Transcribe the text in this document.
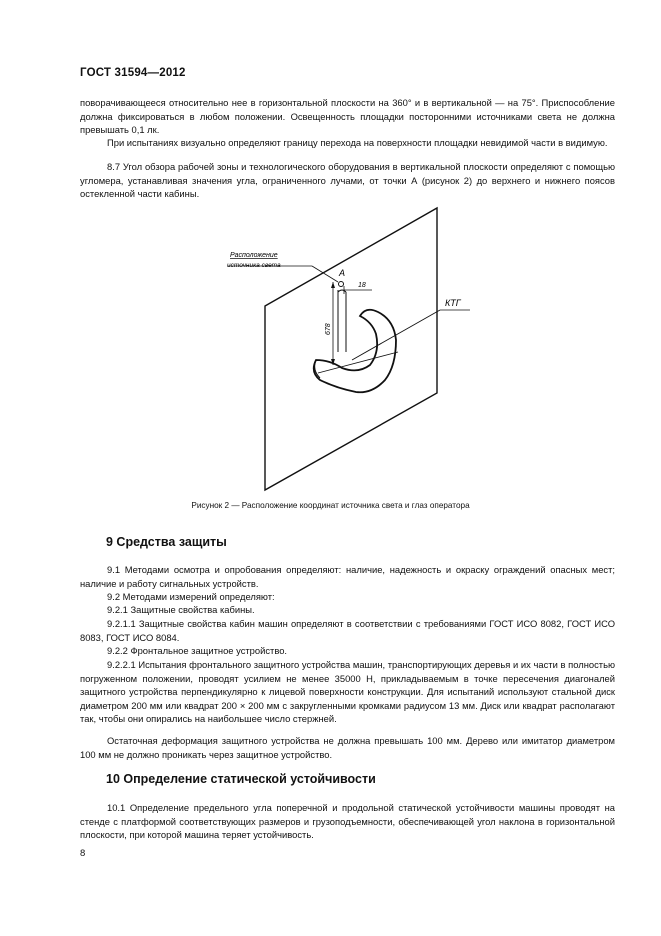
ГОСТ 31594—2012

поворачивающееся относительно нее в горизонтальной плоскости на 360° и в вертикальной — на 75°. Приспособление должна фиксироваться в любом положении. Освещенность площадки посторонними источниками света не должна превышать 0,1 лк.

При испытаниях визуально определяют границу перехода на поверхности площадки невидимой части в видимую.

8.7 Угол обзора рабочей зоны и технологического оборудования в вертикальной плоскости определяют с помощью угломера, устанавливая значения угла, ограниченного лучами, от точки А (рисунок 2) до верхнего и нижнего поясов остекленной части кабины.

Расположение
источника света
А
18
678
КТГ
Рисунок 2 — Расположение координат источника света и глаз оператора
9 Средства защиты

9.1 Методами осмотра и опробования определяют: наличие, надежность и окраску ограждений опасных мест; наличие и работу сигнальных устройств.

9.2 Методами измерений определяют:

9.2.1 Защитные свойства кабины.

9.2.1.1 Защитные свойства кабин машин определяют в соответствии с требованиями ГОСТ ИСО 8082, ГОСТ ИСО 8083, ГОСТ ИСО 8084.

9.2.2 Фронтальное защитное устройство.

9.2.2.1 Испытания фронтального защитного устройства машин, транспортирующих деревья и их части в полностью погруженном положении, проводят усилием не менее 35000 Н, прикладываемым в точке пересечения диагоналей защитного устройства перпендикулярно к лицевой поверхности конструкции. Для испытаний используют стальной диск диаметром 200 мм или квадрат 200 × 200 мм с закругленными кромками радиусом 13 мм. Диск или квадрат располагают так, чтобы они опирались на наибольшее число стержней.

Остаточная деформация защитного устройства не должна превышать 100 мм. Дерево или имитатор диаметром 100 мм не должно проникать через защитное устройство.

10 Определение статической устойчивости

10.1 Определение предельного угла поперечной и продольной статической устойчивости машины проводят на стенде с платформой соответствующих размеров и грузоподъемности, обеспечивающей угол наклона в горизонтальной плоскости, при которой машина теряет устойчивость.

8
